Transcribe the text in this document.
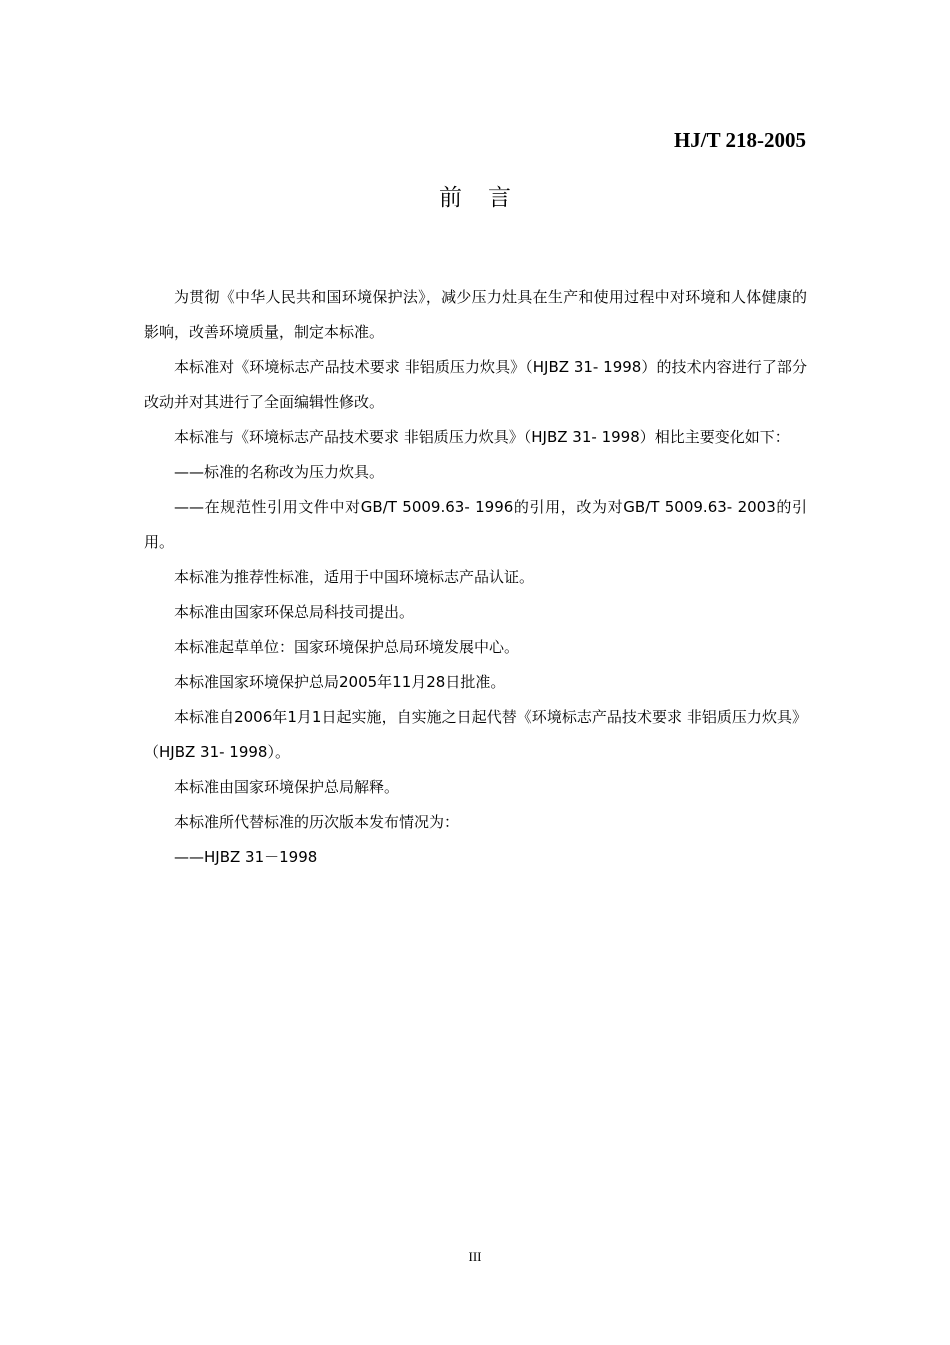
HJ/T 218-2005
前言

为贯彻《中华人民共和国环境保护法》，减少压力灶具在生产和使用过程中对环境和人体健康的影响，改善环境质量，制定本标准。

本标准对《环境标志产品技术要求 非铝质压力炊具》（HJBZ 31- 1998）的技术内容进行了部分改动并对其进行了全面编辑性修改。

本标准与《环境标志产品技术要求 非铝质压力炊具》（HJBZ 31- 1998）相比主要变化如下：

——标准的名称改为压力炊具。

——在规范性引用文件中对GB/T 5009.63- 1996的引用，改为对GB/T 5009.63- 2003的引用。

本标准为推荐性标准，适用于中国环境标志产品认证。

本标准由国家环保总局科技司提出。

本标准起草单位：国家环境保护总局环境发展中心。

本标准国家环境保护总局2005年11月28日批准。

本标准自2006年1月1日起实施，自实施之日起代替《环境标志产品技术要求 非铝质压力炊具》（HJBZ 31- 1998）。

本标准由国家环境保护总局解释。

本标准所代替标准的历次版本发布情况为：

——HJBZ 31－1998

III
